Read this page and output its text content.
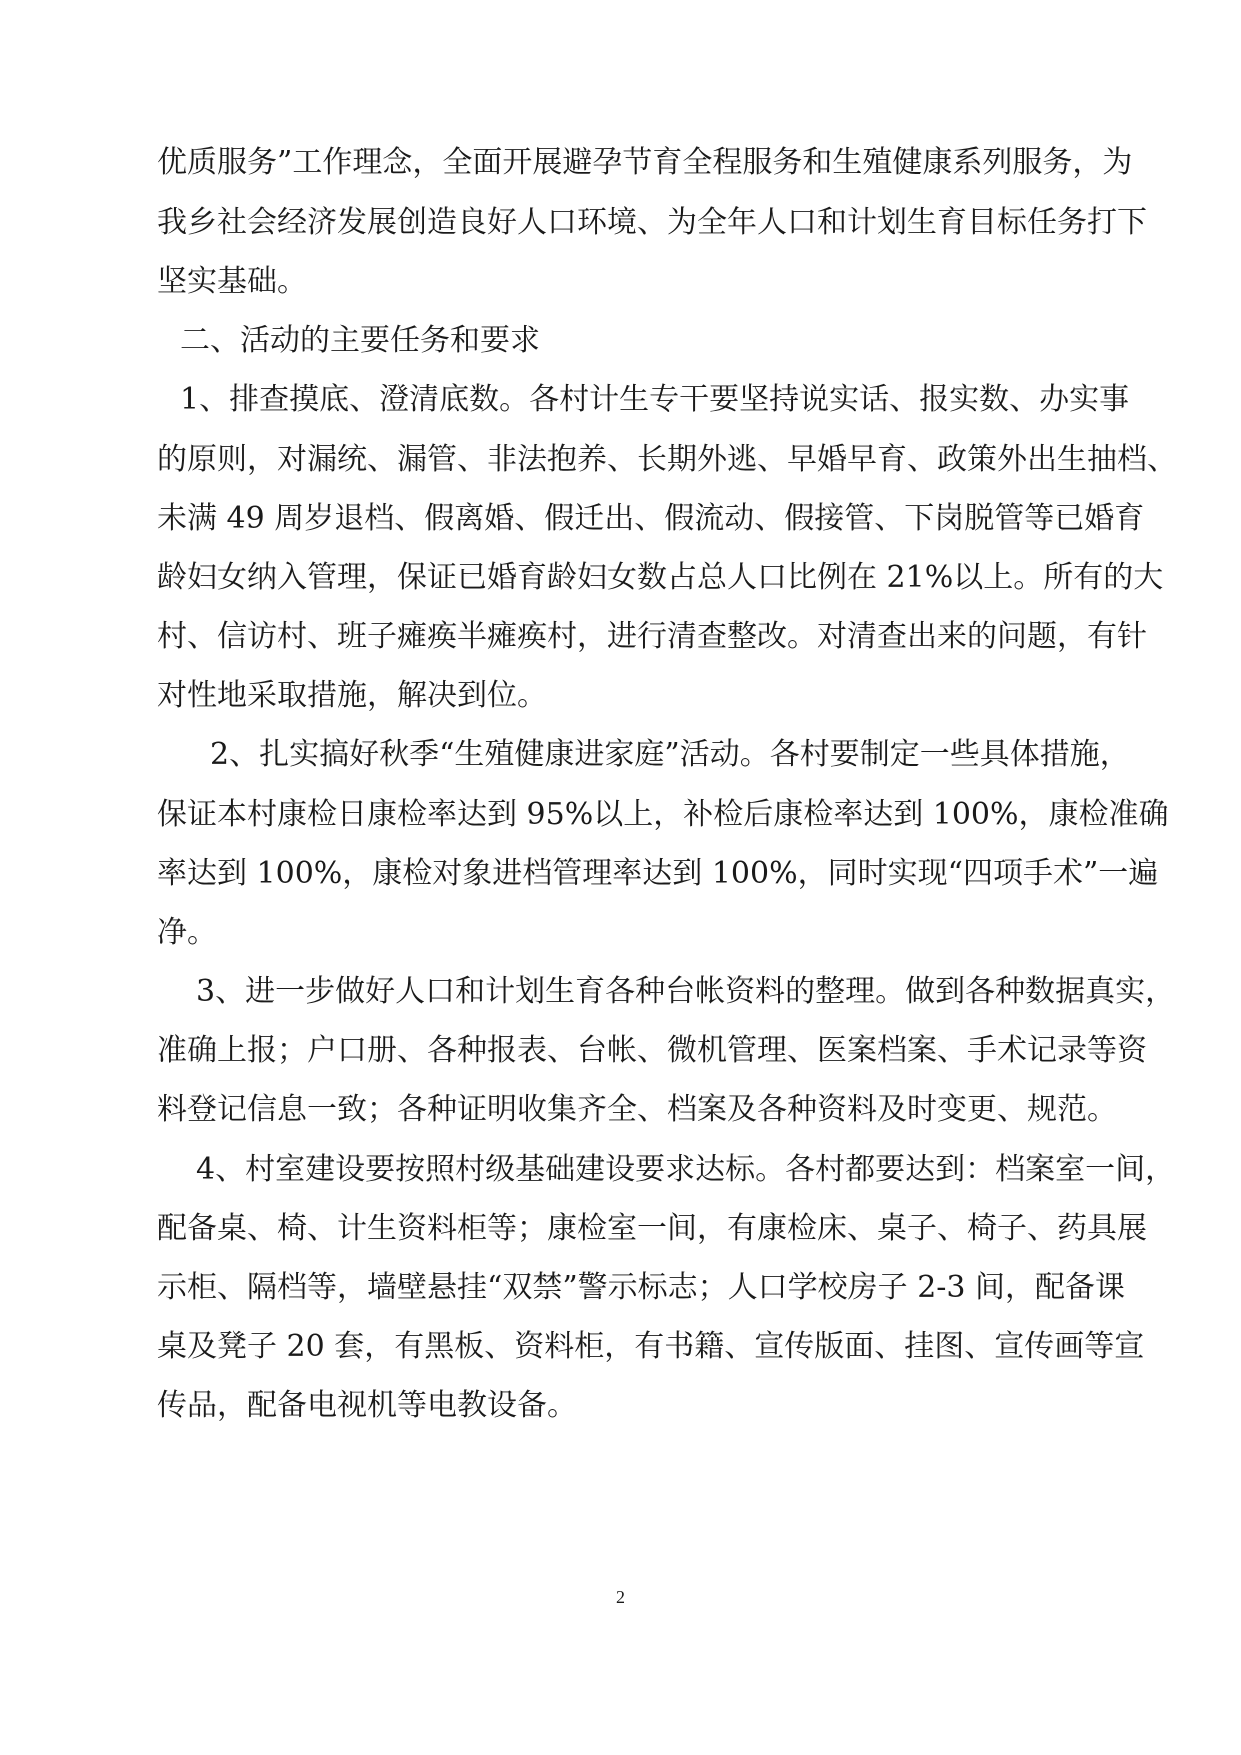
优质服务”工作理念，全面开展避孕节育全程服务和生殖健康系列服务，为

我乡社会经济发展创造良好人口环境、为全年人口和计划生育目标任务打下

坚实基础。

二、活动的主要任务和要求

1、排查摸底、澄清底数。各村计生专干要坚持说实话、报实数、办实事

的原则，对漏统、漏管、非法抱养、长期外逃、早婚早育、政策外出生抽档、

未满 49 周岁退档、假离婚、假迁出、假流动、假接管、下岗脱管等已婚育

龄妇女纳入管理，保证已婚育龄妇女数占总人口比例在 21%以上。所有的大

村、信访村、班子瘫痪半瘫痪村，进行清查整改。对清查出来的问题，有针

对性地采取措施，解决到位。

2、扎实搞好秋季“生殖健康进家庭”活动。各村要制定一些具体措施，

保证本村康检日康检率达到 95%以上，补检后康检率达到 100%，康检准确

率达到 100%，康检对象进档管理率达到 100%，同时实现“四项手术”一遍

净。

3、进一步做好人口和计划生育各种台帐资料的整理。做到各种数据真实，

准确上报；户口册、各种报表、台帐、微机管理、医案档案、手术记录等资

料登记信息一致；各种证明收集齐全、档案及各种资料及时变更、规范。

4、村室建设要按照村级基础建设要求达标。各村都要达到：档案室一间，

配备桌、椅、计生资料柜等；康检室一间，有康检床、桌子、椅子、药具展

示柜、隔档等，墙壁悬挂“双禁”警示标志；人口学校房子 2-3 间，配备课

桌及凳子 20 套，有黑板、资料柜，有书籍、宣传版面、挂图、宣传画等宣

传品，配备电视机等电教设备。

2
